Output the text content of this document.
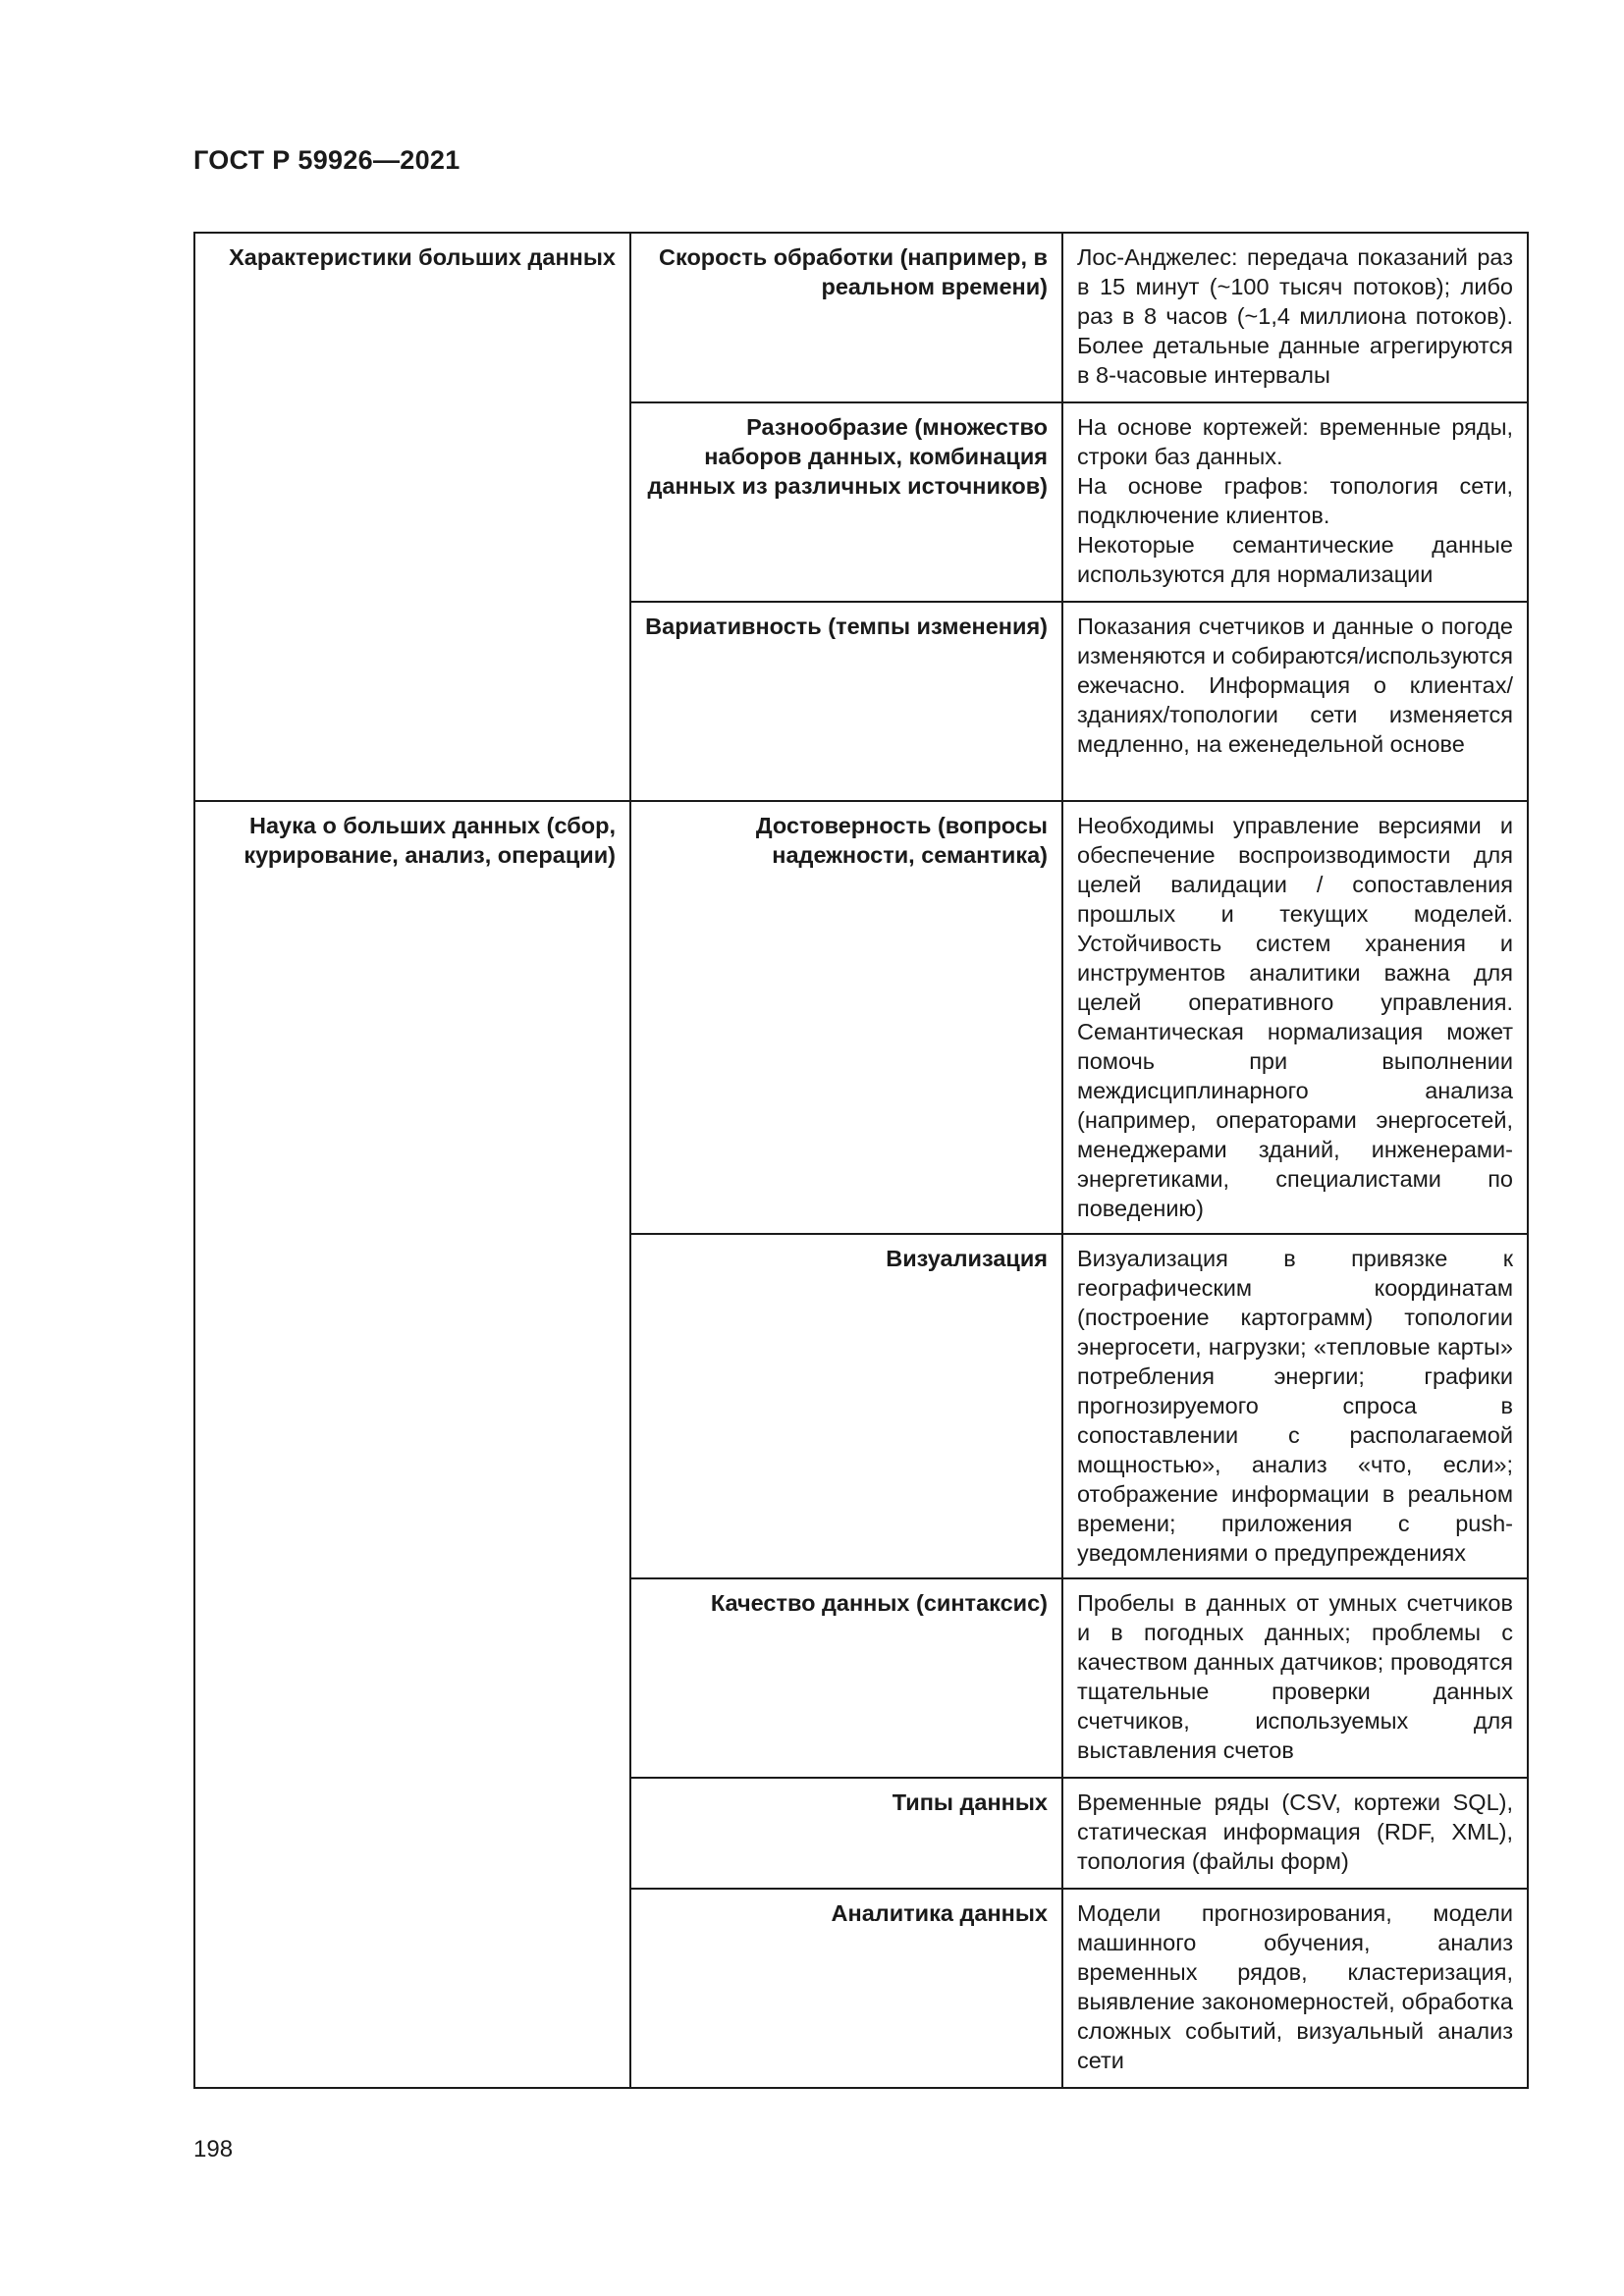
ГОСТ Р 59926—2021
Характеристики больших данных	Скорость обработки (например, в реальном времени)	Лос-Анджелес: передача показаний раз в 15 минут (~100 тысяч потоков); либо раз в 8 часов (~1,4 миллиона потоков). Более детальные данные агрегируются в 8-часовые интервалы
	Разнообразие (множество наборов данных, комбинация данных из различных источников)	На основе кортежей: временные ряды, строки баз данных.
На основе графов: топология сети, подключение клиентов.
Некоторые семантические данные используются для нормализации

	Вариативность (темпы изменения)	Показания счетчиков и данные о погоде изменяются и собираются/используются ежечасно. Информация о клиентах/зданиях/топологии сети изменяется медленно, на еженедельной основе
Наука о больших данных (сбор, курирование, анализ, операции)	Достоверность (вопросы надежности, семантика)	Необходимы управление версиями и обеспечение воспроизводимости для целей валидации / сопоставления прошлых и текущих моделей. Устойчивость систем хранения и инструментов аналитики важна для целей оперативного управления. Семантическая нормализация может помочь при выполнении междисциплинарного анализа (например, операторами энергосетей, менеджерами зданий, инженерами-энергетиками, специалистами по поведению)
	Визуализация	Визуализация в привязке к географическим координатам (построение картограмм) топологии энергосети, нагрузки; «тепловые карты» потребления энергии; графики прогнозируемого спроса в сопоставлении с располагаемой мощностью», анализ «что, если»; отображение информации в реальном времени; приложения с push-уведомлениями о предупреждениях
	Качество данных (синтаксис)	Пробелы в данных от умных счетчиков и в погодных данных; проблемы с качеством данных датчиков; проводятся тщательные проверки данных счетчиков, используемых для выставления счетов
	Типы данных	Временные ряды (CSV, кортежи SQL), статическая информация (RDF, XML), топология (файлы форм)
	Аналитика данных	Модели прогнозирования, модели машинного обучения, анализ временных рядов, кластеризация, выявление закономерностей, обработка сложных событий, визуальный анализ сети
198
